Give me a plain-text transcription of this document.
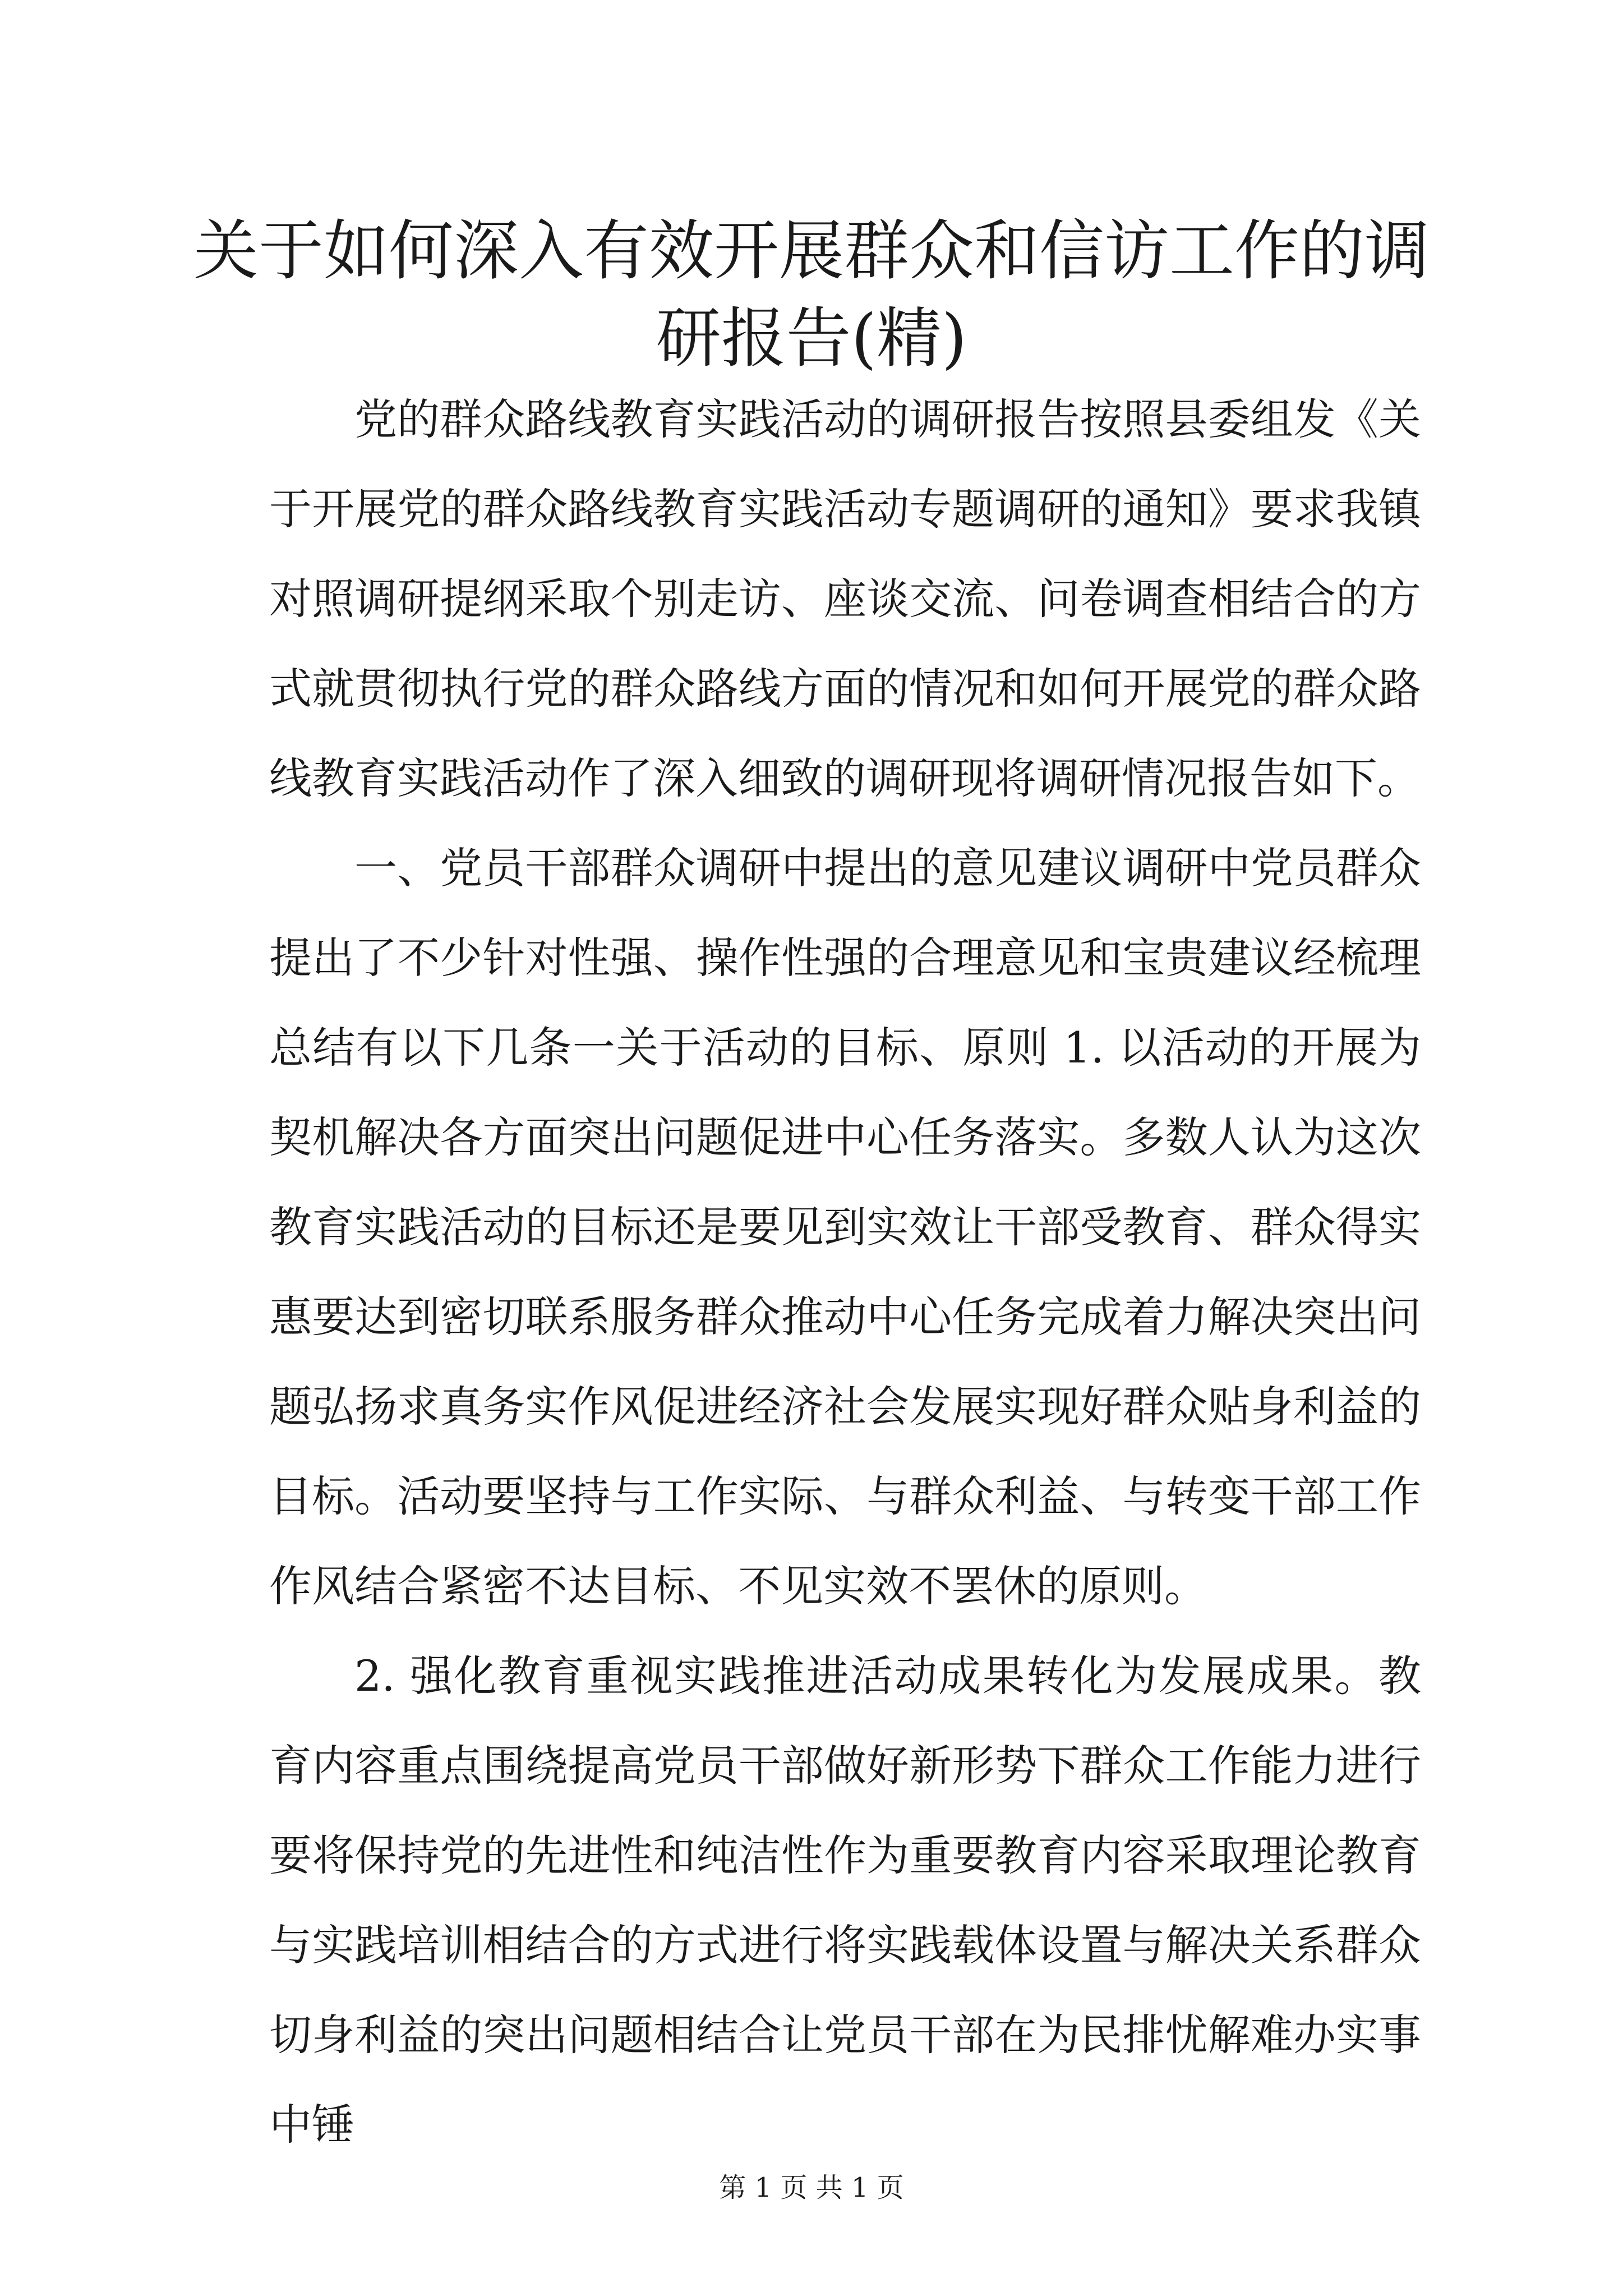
关于如何深入有效开展群众和信访工作的调研报告(精)

党的群众路线教育实践活动的调研报告按照县委组发《关于开展党的群众路线教育实践活动专题调研的通知》要求我镇对照调研提纲采取个别走访、座谈交流、问卷调查相结合的方式就贯彻执行党的群众路线方面的情况和如何开展党的群众路线教育实践活动作了深入细致的调研现将调研情况报告如下。

一、党员干部群众调研中提出的意见建议调研中党员群众提出了不少针对性强、操作性强的合理意见和宝贵建议经梳理总结有以下几条一关于活动的目标、原则 1. 以活动的开展为契机解决各方面突出问题促进中心任务落实。多数人认为这次教育实践活动的目标还是要见到实效让干部受教育、群众得实惠要达到密切联系服务群众推动中心任务完成着力解决突出问题弘扬求真务实作风促进经济社会发展实现好群众贴身利益的目标。活动要坚持与工作实际、与群众利益、与转变干部工作作风结合紧密不达目标、不见实效不罢休的原则。

2. 强化教育重视实践推进活动成果转化为发展成果。教育内容重点围绕提高党员干部做好新形势下群众工作能力进行要将保持党的先进性和纯洁性作为重要教育内容采取理论教育与实践培训相结合的方式进行将实践载体设置与解决关系群众切身利益的突出问题相结合让党员干部在为民排忧解难办实事中锤

第 1 页 共 1 页
